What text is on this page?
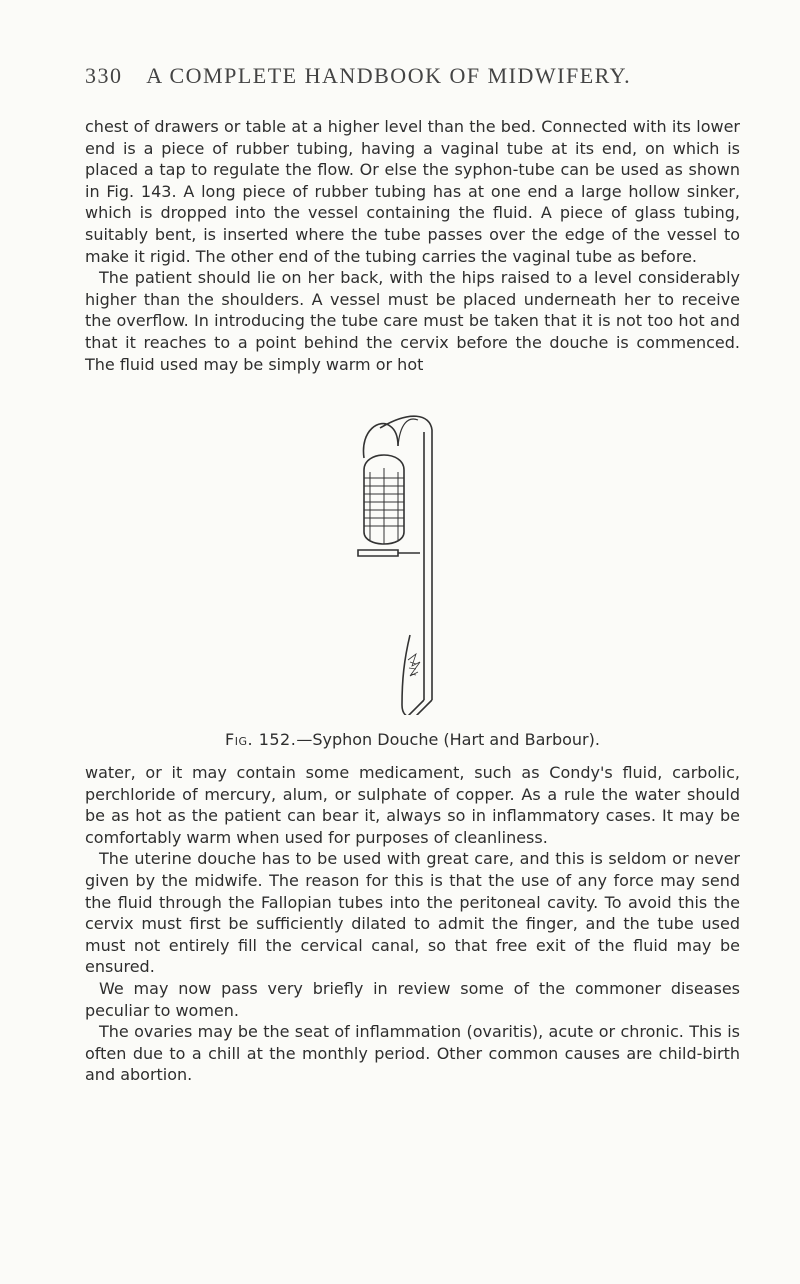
330 A COMPLETE HANDBOOK OF MIDWIFERY.

chest of drawers or table at a higher level than the bed. Connected with its lower end is a piece of rubber tubing, having a vaginal tube at its end, on which is placed a tap to regulate the flow. Or else the syphon-tube can be used as shown in Fig. 143. A long piece of rubber tubing has at one end a large hollow sinker, which is dropped into the vessel containing the fluid. A piece of glass tubing, suitably bent, is inserted where the tube passes over the edge of the vessel to make it rigid. The other end of the tubing carries the vaginal tube as before.

The patient should lie on her back, with the hips raised to a level considerably higher than the shoulders. A vessel must be placed underneath her to receive the overflow. In introducing the tube care must be taken that it is not too hot and that it reaches to a point behind the cervix before the douche is commenced. The fluid used may be simply warm or hot

Fig. 152.—Syphon Douche (Hart and Barbour).

water, or it may contain some medicament, such as Condy's fluid, carbolic, perchloride of mercury, alum, or sulphate of copper. As a rule the water should be as hot as the patient can bear it, always so in inflammatory cases. It may be comfortably warm when used for purposes of cleanliness.

The uterine douche has to be used with great care, and this is seldom or never given by the midwife. The reason for this is that the use of any force may send the fluid through the Fallopian tubes into the peritoneal cavity. To avoid this the cervix must first be sufficiently dilated to admit the finger, and the tube used must not entirely fill the cervical canal, so that free exit of the fluid may be ensured.

We may now pass very briefly in review some of the commoner diseases peculiar to women.

The ovaries may be the seat of inflammation (ovaritis), acute or chronic. This is often due to a chill at the monthly period. Other common causes are child-birth and abortion.
